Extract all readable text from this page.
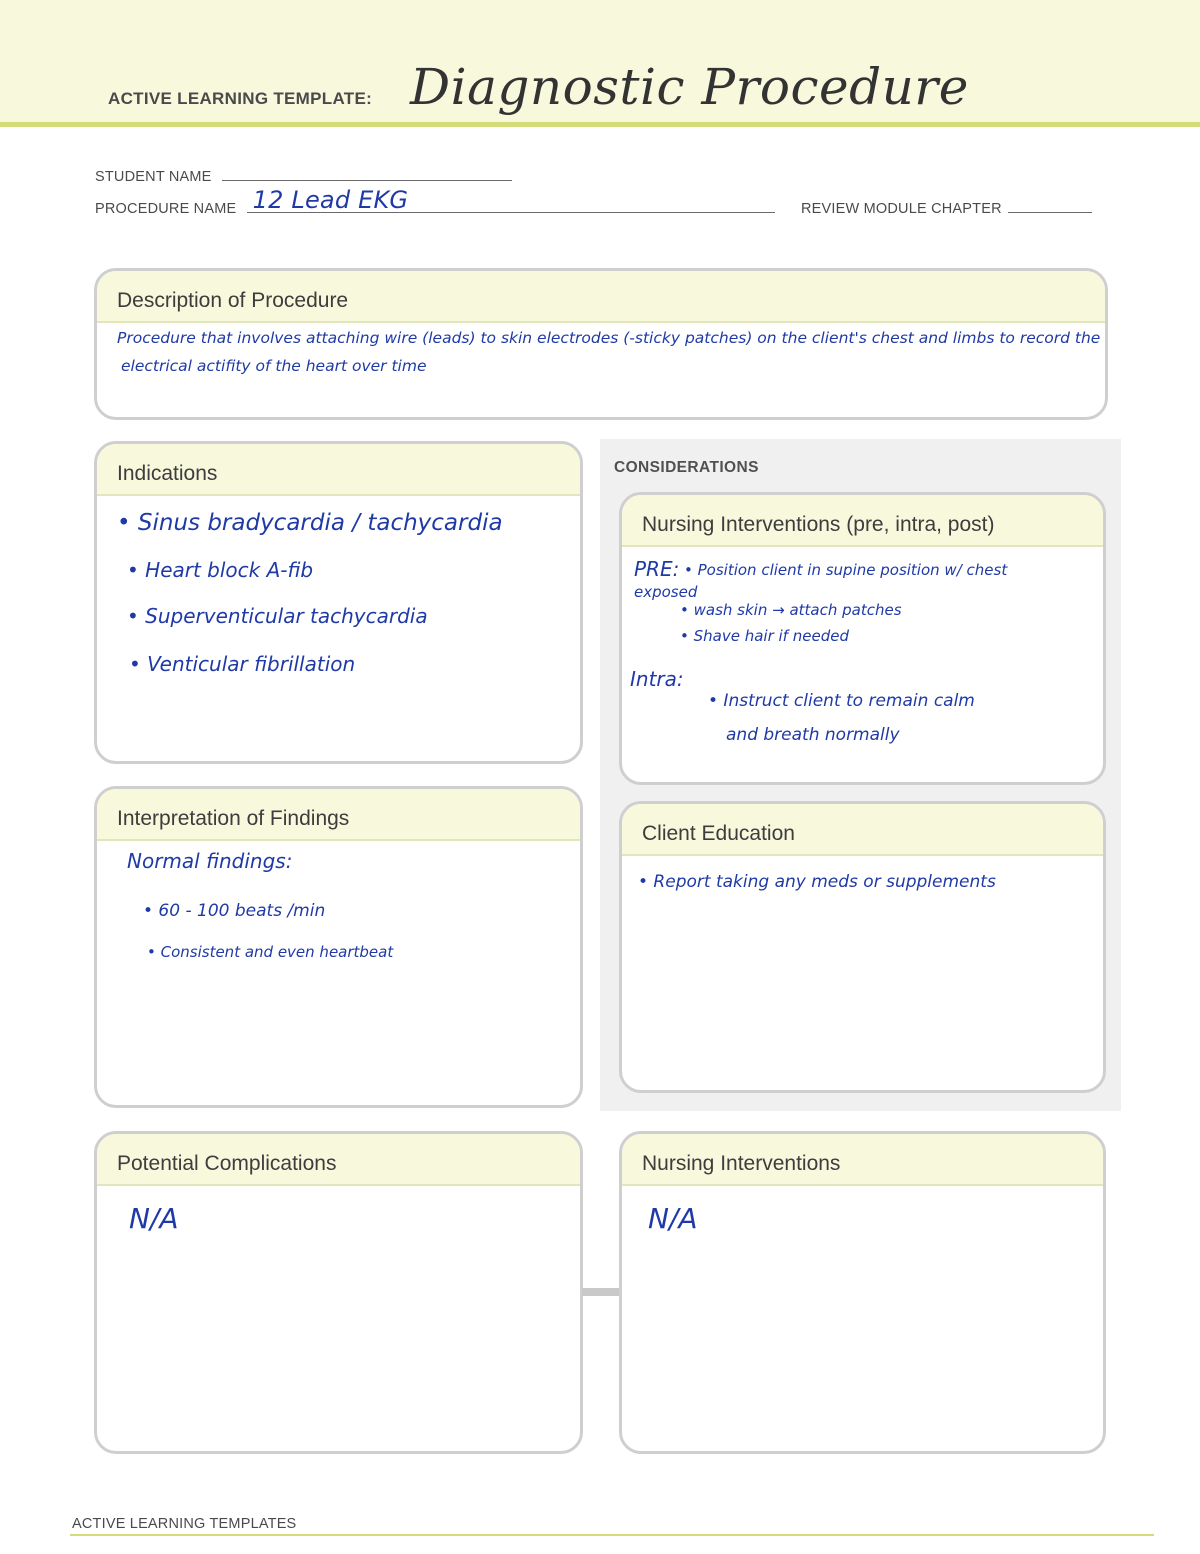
ACTIVE LEARNING TEMPLATE: Diagnostic Procedure
STUDENT NAME
PROCEDURE NAME 12 Lead EKG	REVIEW MODULE CHAPTER
Description of Procedure
Procedure that involves attaching wire (leads) to skin electrodes (-sticky patches) on the client's chest and limbs to record the
electrical actifity of the heart over time
Indications
• Sinus bradycardia / tachycardia
• Heart block A-fib
• Superventicular tachycardia
• Venticular fibrillation
CONSIDERATIONS
Nursing Interventions (pre, intra, post)
PRE: • Position client in supine position w/ chest
exposed
• wash skin → attach patches
• Shave hair if needed
Intra:
• Instruct client to remain calm
and breath normally
Client Education
• Report taking any meds or supplements
Interpretation of Findings
Normal findings:
• 60 - 100 beats /min
• Consistent and even heartbeat
Potential Complications
N/A
Nursing Interventions
N/A
ACTIVE LEARNING TEMPLATES
